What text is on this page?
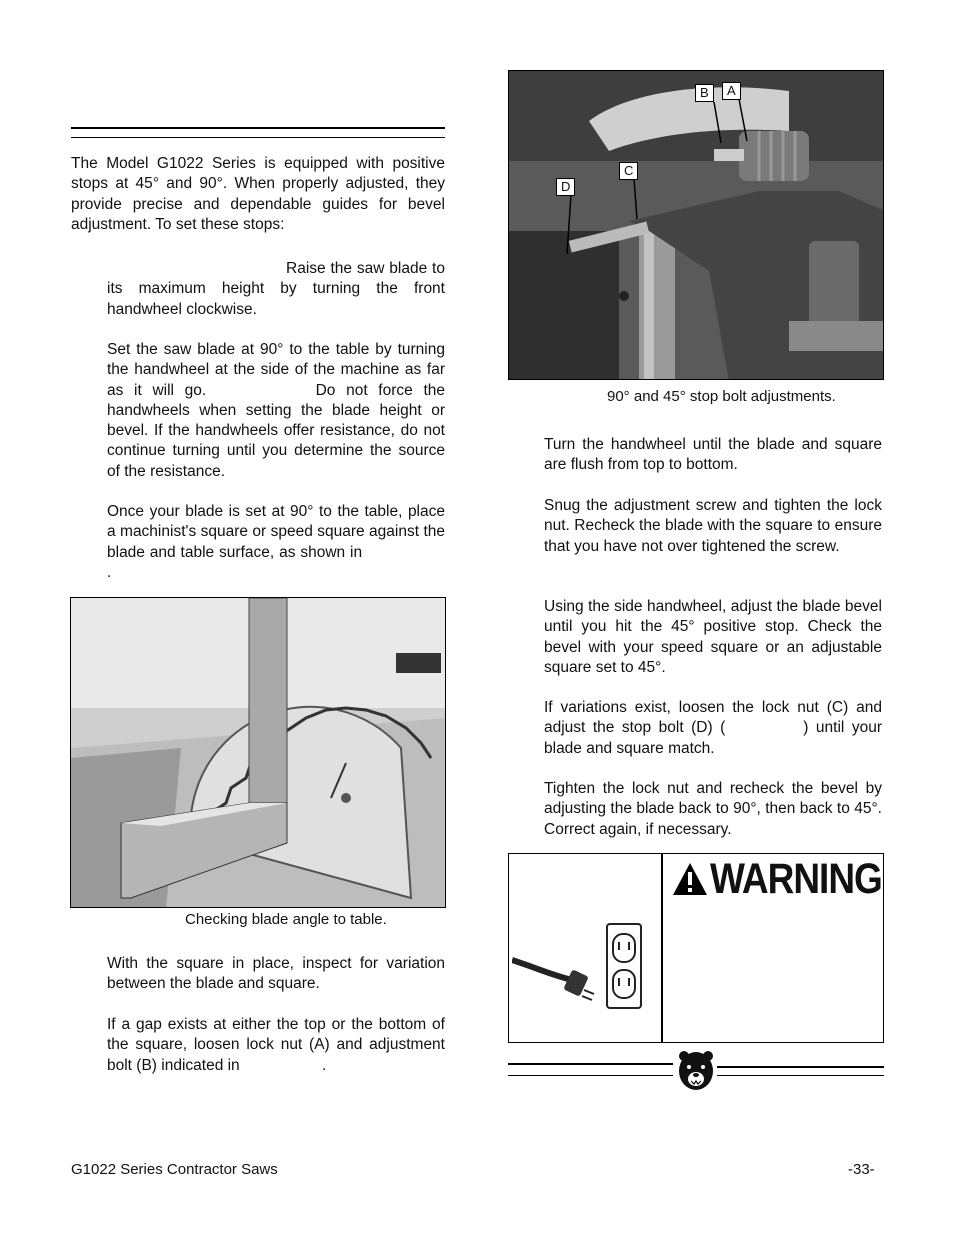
The Model G1022 Series is equipped with positive stops at 45° and 90°. When properly adjusted, they provide precise and dependable guides for bevel adjustment. To set these stops:
Raise the saw blade to its maximum height by turning the front handwheel clockwise.
Set the saw blade at 90° to the table by turning the handwheel at the side of the machine as far as it will go.	Do not force the handwheels when setting the blade height or bevel. If the handwheels offer resistance, do not continue turning until you determine the source of the resistance.
Once your blade is set at 90° to the table, place a machinist's square or speed square against the blade and table surface, as shown in .
Checking blade angle to table.
With the square in place, inspect for variation between the blade and square.
If a gap exists at either the top or the bottom of the square, loosen lock nut (A) and adjustment bolt (B) indicated in	.
B	A
C
D
90° and 45° stop bolt adjustments.
Turn the handwheel until the blade and square are flush from top to bottom.
Snug the adjustment screw and tighten the lock nut. Recheck the blade with the square to ensure that you have not over tightened the screw.
Using the side handwheel, adjust the blade bevel until you hit the 45° positive stop. Check the bevel with your speed square or an adjustable square set to 45°.
If variations exist, loosen the lock nut (C) and adjust the stop bolt (D) (	) until your blade and square match.
Tighten the lock nut and recheck the bevel by adjusting the blade back to 90°, then back to 45°. Correct again, if necessary.
WARNING
G1022 Series Contractor Saws	-33-
